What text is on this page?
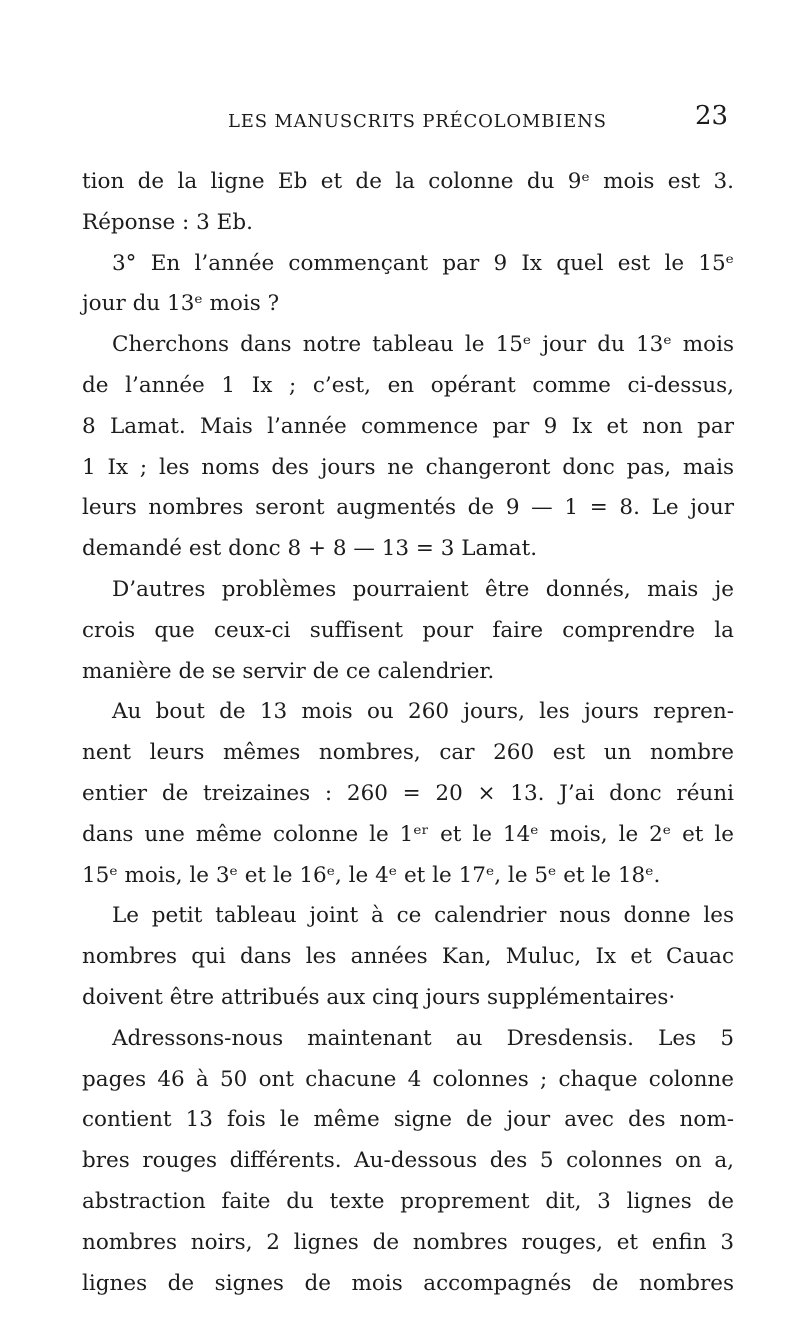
LES MANUSCRITS PRÉCOLOMBIENS	23
tion de la ligne Eb et de la colonne du 9ᵉ mois est 3.
Réponse : 3 Eb.
3° En l’année commençant par 9 Ix quel est le 15ᵉ
jour du 13ᵉ mois ?
Cherchons dans notre tableau le 15ᵉ jour du 13ᵉ mois
de l’année 1 Ix ; c’est, en opérant comme ci-dessus,
8 Lamat. Mais l’année commence par 9 Ix et non par
1 Ix ; les noms des jours ne changeront donc pas, mais
leurs nombres seront augmentés de 9 — 1 = 8. Le jour
demandé est donc 8 + 8 — 13 = 3 Lamat.
D’autres problèmes pourraient être donnés, mais je
crois que ceux-ci suffisent pour faire comprendre la
manière de se servir de ce calendrier.
Au bout de 13 mois ou 260 jours, les jours repren-
nent leurs mêmes nombres, car 260 est un nombre
entier de treizaines : 260 = 20 × 13. J’ai donc réuni
dans une même colonne le 1ᵉʳ et le 14ᵉ mois, le 2ᵉ et le
15ᵉ mois, le 3ᵉ et le 16ᵉ, le 4ᵉ et le 17ᵉ, le 5ᵉ et le 18ᵉ.
Le petit tableau joint à ce calendrier nous donne les
nombres qui dans les années Kan, Muluc, Ix et Cauac
doivent être attribués aux cinq jours supplémentaires·
Adressons-nous maintenant au Dresdensis. Les 5
pages 46 à 50 ont chacune 4 colonnes ; chaque colonne
contient 13 fois le même signe de jour avec des nom-
bres rouges différents. Au-dessous des 5 colonnes on a,
abstraction faite du texte proprement dit, 3 lignes de
nombres noirs, 2 lignes de nombres rouges, et enfin 3
lignes de signes de mois accompagnés de nombres
